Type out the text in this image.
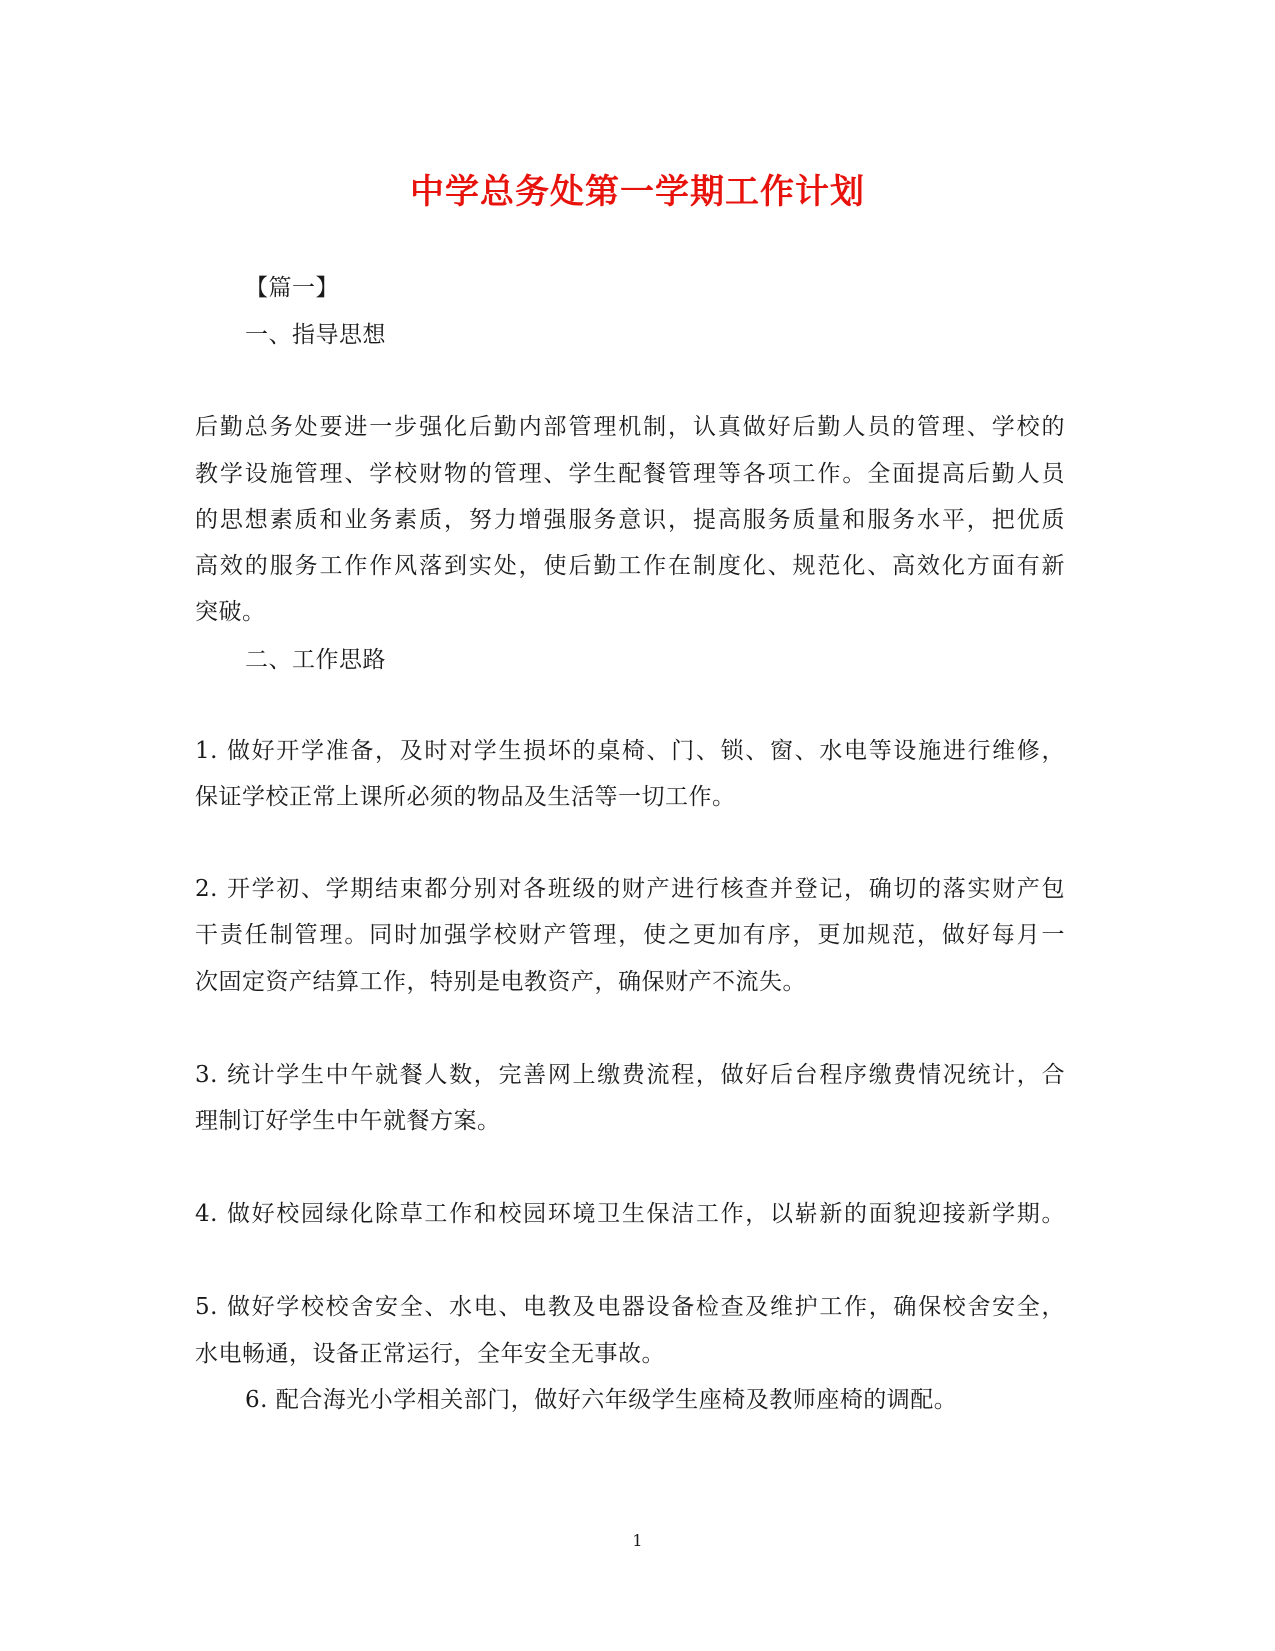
中学总务处第一学期工作计划
【篇一】
一、指导思想
后勤总务处要进一步强化后勤内部管理机制，认真做好后勤人员的管理、学校的
教学设施管理、学校财物的管理、学生配餐管理等各项工作。全面提高后勤人员
的思想素质和业务素质，努力增强服务意识，提高服务质量和服务水平，把优质
高效的服务工作作风落到实处，使后勤工作在制度化、规范化、高效化方面有新
突破。
二、工作思路
1. 做好开学准备，及时对学生损坏的桌椅、门、锁、窗、水电等设施进行维修，
保证学校正常上课所必须的物品及生活等一切工作。
2. 开学初、学期结束都分别对各班级的财产进行核查并登记，确切的落实财产包
干责任制管理。同时加强学校财产管理，使之更加有序，更加规范，做好每月一
次固定资产结算工作，特别是电教资产，确保财产不流失。
3. 统计学生中午就餐人数，完善网上缴费流程，做好后台程序缴费情况统计，合
理制订好学生中午就餐方案。
4. 做好校园绿化除草工作和校园环境卫生保洁工作，以崭新的面貌迎接新学期。
5. 做好学校校舍安全、水电、电教及电器设备检查及维护工作，确保校舍安全，
水电畅通，设备正常运行，全年安全无事故。
6. 配合海光小学相关部门，做好六年级学生座椅及教师座椅的调配。
1
